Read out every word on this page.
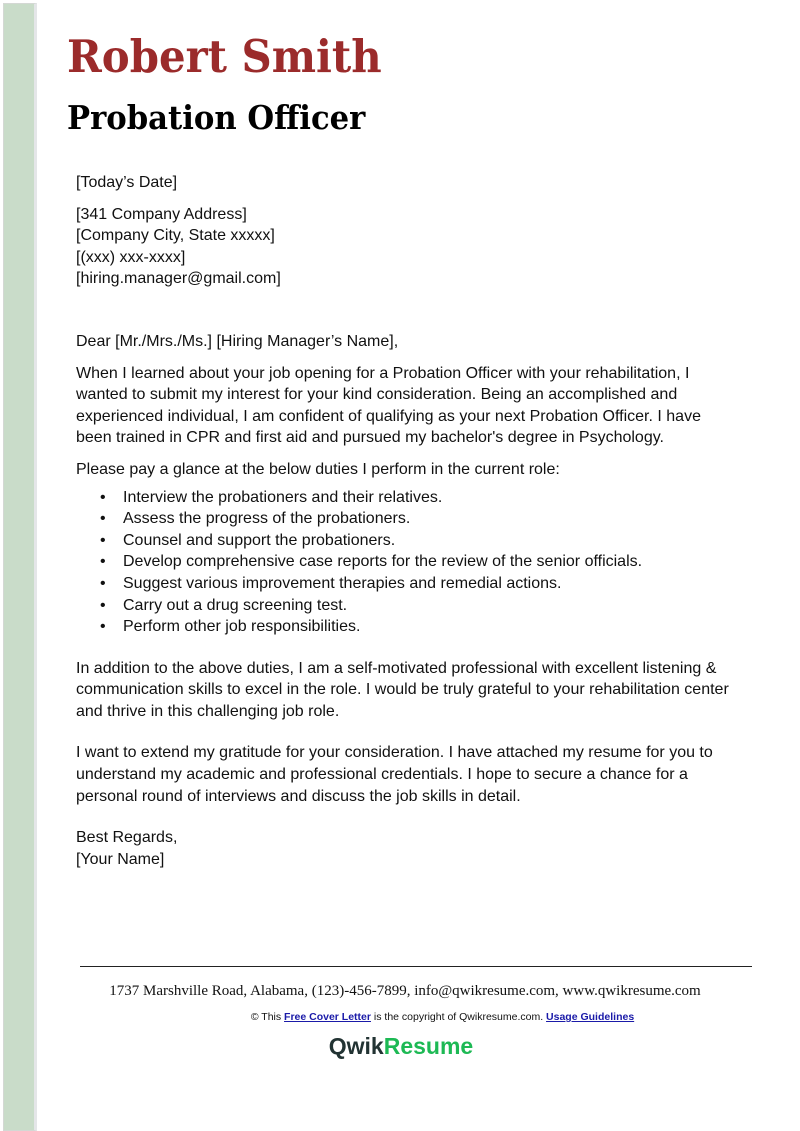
Robert Smith
Probation Officer
[Today’s Date]
[341 Company Address]
[Company City, State xxxxx]
[(xxx) xxx-xxxx]
[hiring.manager@gmail.com]
Dear [Mr./Mrs./Ms.] [Hiring Manager’s Name],
When I learned about your job opening for a Probation Officer with your rehabilitation, I
wanted to submit my interest for your kind consideration. Being an accomplished and
experienced individual, I am confident of qualifying as your next Probation Officer. I have
been trained in CPR and first aid and pursued my bachelor's degree in Psychology.
Please pay a glance at the below duties I perform in the current role:
• Interview the probationers and their relatives.
• Assess the progress of the probationers.
• Counsel and support the probationers.
• Develop comprehensive case reports for the review of the senior officials.
• Suggest various improvement therapies and remedial actions.
• Carry out a drug screening test.
• Perform other job responsibilities.
In addition to the above duties, I am a self-motivated professional with excellent listening &
communication skills to excel in the role. I would be truly grateful to your rehabilitation center
and thrive in this challenging job role.
I want to extend my gratitude for your consideration. I have attached my resume for you to
understand my academic and professional credentials. I hope to secure a chance for a
personal round of interviews and discuss the job skills in detail.
Best Regards,
[Your Name]
1737 Marshville Road, Alabama, (123)-456-7899, info@qwikresume.com, www.qwikresume.com
© This Free Cover Letter is the copyright of Qwikresume.com. Usage Guidelines
QwikResume
